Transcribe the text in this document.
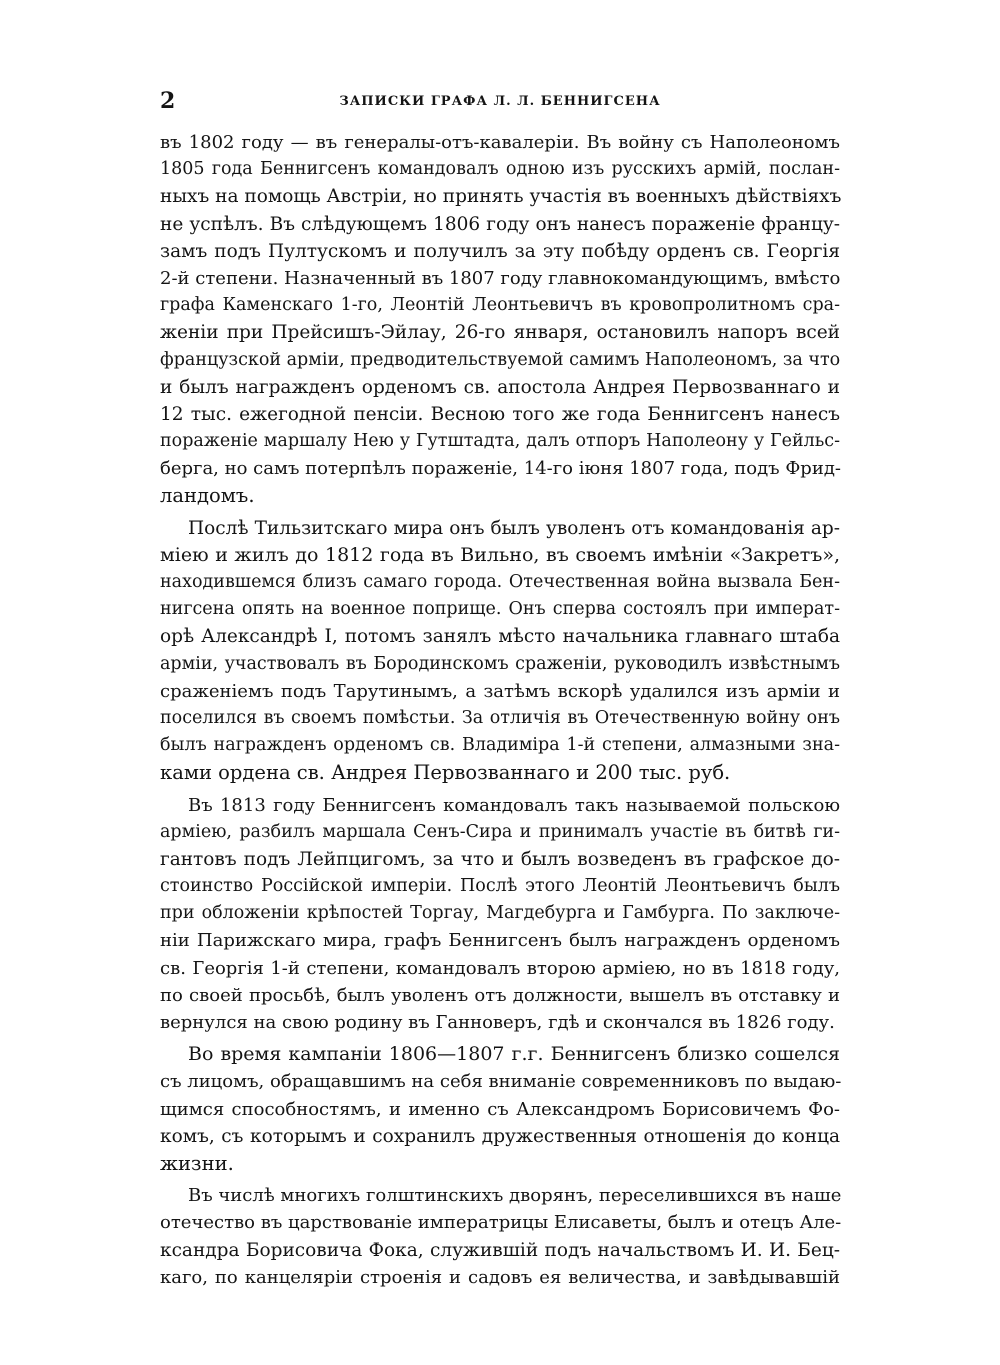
2	ЗАПИСКИ ГРАФА Л. Л. БЕННИГСЕНА
въ 1802 году — въ генералы-отъ-кавалеріи. Въ войну съ Наполеономъ
1805 года Беннигсенъ командовалъ одною изъ русскихъ армій, послан-
ныхъ на помощь Австріи, но принять участія въ военныхъ дѣйствіяхъ
не успѣлъ. Въ слѣдующемъ 1806 году онъ нанесъ пораженіе францу-
замъ подъ Пултускомъ и получилъ за эту побѣду орденъ св. Георгія
2-й степени. Назначенный въ 1807 году главнокомандующимъ, вмѣсто
графа Каменскаго 1-го, Леонтій Леонтьевичъ въ кровопролитномъ сра-
женіи при Прейсишъ-Эйлау, 26-го января, остановилъ напоръ всей
французской арміи, предводительствуемой самимъ Наполеономъ, за что
и былъ награжденъ орденомъ св. апостола Андрея Первозваннаго и
12 тыс. ежегодной пенсіи. Весною того же года Беннигсенъ нанесъ
пораженіе маршалу Нею у Гутштадта, далъ отпоръ Наполеону у Гейльс-
берга, но самъ потерпѣлъ пораженіе, 14-го іюня 1807 года, подъ Фрид-
ландомъ.
Послѣ Тильзитскаго мира онъ былъ уволенъ отъ командованія ар-
міею и жилъ до 1812 года въ Вильно, въ своемъ имѣніи «Закретъ»,
находившемся близъ самаго города. Отечественная война вызвала Бен-
нигсена опять на военное поприще. Онъ сперва состоялъ при императ-
орѣ Александрѣ I, потомъ занялъ мѣсто начальника главнаго штаба
арміи, участвовалъ въ Бородинскомъ сраженіи, руководилъ извѣстнымъ
сраженіемъ подъ Тарутинымъ, а затѣмъ вскорѣ удалился изъ арміи и
поселился въ своемъ помѣстьи. За отличія въ Отечественную войну онъ
былъ награжденъ орденомъ св. Владиміра 1-й степени, алмазными зна-
ками ордена св. Андрея Первозваннаго и 200 тыс. руб.
Въ 1813 году Беннигсенъ командовалъ такъ называемой польскою
арміею, разбилъ маршала Сенъ-Сира и принималъ участіе въ битвѣ ги-
гантовъ подъ Лейпцигомъ, за что и былъ возведенъ въ графское до-
стоинство Россійской имперіи. Послѣ этого Леонтій Леонтьевичъ былъ
при обложеніи крѣпостей Торгау, Магдебурга и Гамбурга. По заключе-
ніи Парижскаго мира, графъ Беннигсенъ былъ награжденъ орденомъ
св. Георгія 1-й степени, командовалъ второю арміею, но въ 1818 году,
по своей просьбѣ, былъ уволенъ отъ должности, вышелъ въ отставку и
вернулся на свою родину въ Ганноверъ, гдѣ и скончался въ 1826 году.
Во время кампаніи 1806—1807 г.г. Беннигсенъ близко сошелся
съ лицомъ, обращавшимъ на себя вниманіе современниковъ по выдаю-
щимся способностямъ, и именно съ Александромъ Борисовичемъ Фо-
комъ, съ которымъ и сохранилъ дружественныя отношенія до конца
жизни.
Въ числѣ многихъ голштинскихъ дворянъ, переселившихся въ наше
отечество въ царствованіе императрицы Елисаветы, былъ и отецъ Але-
ксандра Борисовича Фока, служившій подъ начальствомъ И. И. Бец-
каго, по канцеляріи строенія и садовъ ея величества, и завѣдывавшій
